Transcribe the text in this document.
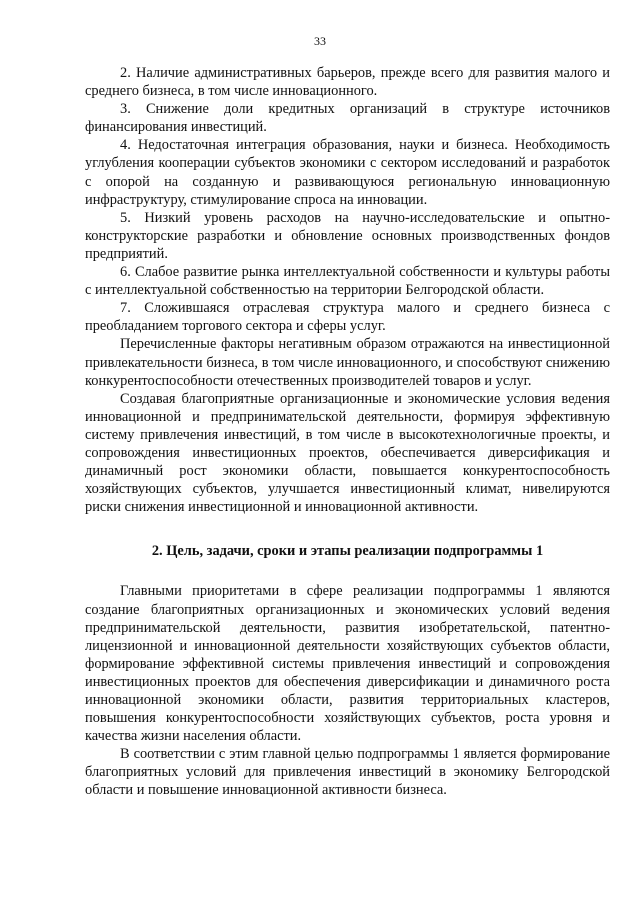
33

2. Наличие административных барьеров, прежде всего для развития малого и среднего бизнеса, в том числе инновационного.

3. Снижение доли кредитных организаций в структуре источников финансирования инвестиций.

4. Недостаточная интеграция образования, науки и бизнеса. Необходимость углубления кооперации субъектов экономики с сектором исследований и разработок с опорой на созданную и развивающуюся региональную инновационную инфраструктуру, стимулирование спроса на инновации.

5. Низкий уровень расходов на научно-исследовательские и опытно-конструкторские разработки и обновление основных производственных фондов предприятий.

6. Слабое развитие рынка интеллектуальной собственности и культуры работы с интеллектуальной собственностью на территории Белгородской области.

7. Сложившаяся отраслевая структура малого и среднего бизнеса с преобладанием торгового сектора и сферы услуг.

Перечисленные факторы негативным образом отражаются на инвестиционной привлекательности бизнеса, в том числе инновационного, и способствуют снижению конкурентоспособности отечественных производителей товаров и услуг.

Создавая благоприятные организационные и экономические условия ведения инновационной и предпринимательской деятельности, формируя эффективную систему привлечения инвестиций, в том числе в высокотехнологичные проекты, и сопровождения инвестиционных проектов, обеспечивается диверсификация и динамичный рост экономики области, повышается конкурентоспособность хозяйствующих субъектов, улучшается инвестиционный климат, нивелируются риски снижения инвестиционной и инновационной активности.

2. Цель, задачи, сроки и этапы реализации подпрограммы 1

Главными приоритетами в сфере реализации подпрограммы 1 являются создание благоприятных организационных и экономических условий ведения предпринимательской деятельности, развития изобретательской, патентно-лицензионной и инновационной деятельности хозяйствующих субъектов области, формирование эффективной системы привлечения инвестиций и сопровождения инвестиционных проектов для обеспечения диверсификации и динамичного роста инновационной экономики области, развития территориальных кластеров, повышения конкурентоспособности хозяйствующих субъектов, роста уровня и качества жизни населения области.

В соответствии с этим главной целью подпрограммы 1 является формирование благоприятных условий для привлечения инвестиций в экономику Белгородской области и повышение инновационной активности бизнеса.
